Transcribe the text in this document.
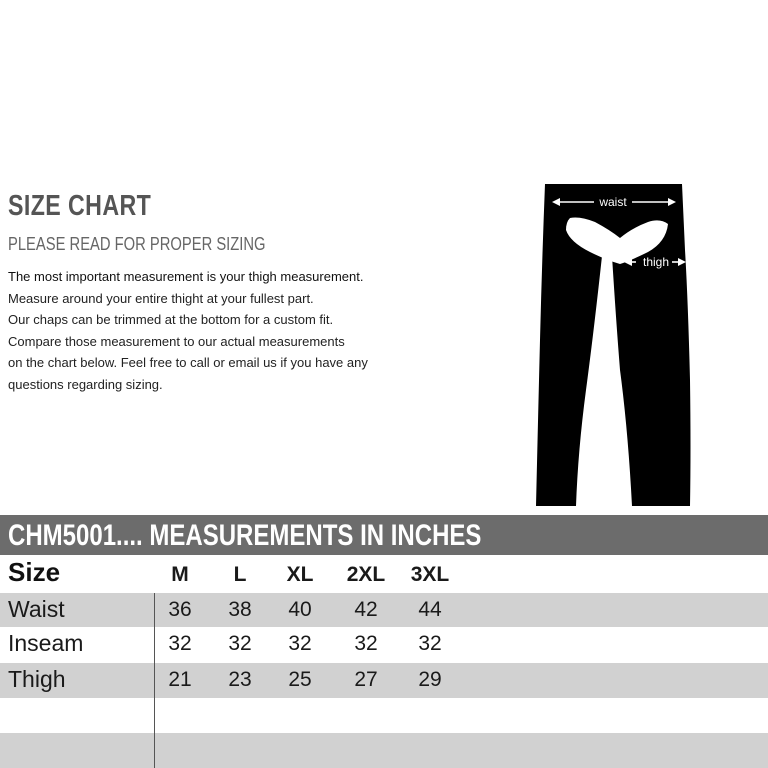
SIZE CHART
PLEASE READ FOR PROPER SIZING
The most important measurement is your thigh measurement.
Measure around your entire thight at your fullest part.
Our chaps can be trimmed at the bottom for a custom fit.
Compare those measurement to our actual measurements
on the chart below. Feel free to call or email us if you have any
questions regarding sizing.
waist
thigh
inseam
CHM5001.... MEASUREMENTS IN INCHES
Size	M	L	XL	2XL	3XL
Waist	36	38	40	42	44
Inseam	32	32	32	32	32
Thigh	21	23	25	27	29
